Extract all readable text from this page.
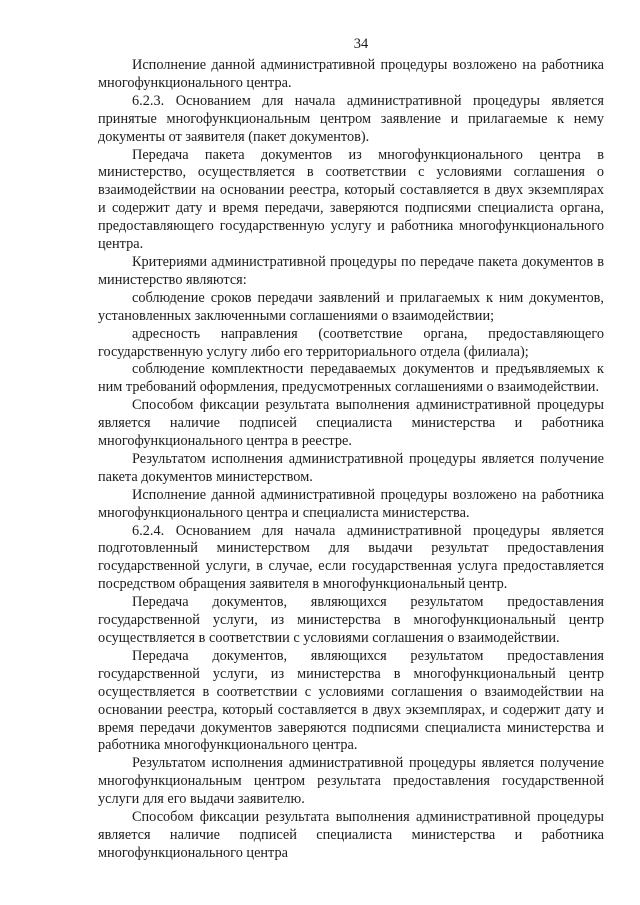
34

Исполнение данной административной процедуры возложено на работника многофункционального центра.

6.2.3. Основанием для начала административной процедуры является принятые многофункциональным центром заявление и прилагаемые к нему документы от заявителя (пакет документов).

Передача пакета документов из многофункционального центра в министерство, осуществляется в соответствии с условиями соглашения о взаимодействии на основании реестра, который составляется в двух экземплярах и содержит дату и время передачи, заверяются подписями специалиста органа, предоставляющего государственную услугу и работника многофункционального центра.

Критериями административной процедуры по передаче пакета документов в министерство являются:

соблюдение сроков передачи заявлений и прилагаемых к ним документов, установленных заключенными соглашениями о взаимодействии;

адресность направления (соответствие органа, предоставляющего государственную услугу либо его территориального отдела (филиала);

соблюдение комплектности передаваемых документов и предъявляемых к ним требований оформления, предусмотренных соглашениями о взаимодействии.

Способом фиксации результата выполнения административной процедуры является наличие подписей специалиста министерства и работника многофункционального центра в реестре.

Результатом исполнения административной процедуры является получение пакета документов министерством.

Исполнение данной административной процедуры возложено на работника многофункционального центра и специалиста министерства.

6.2.4. Основанием для начала административной процедуры является подготовленный министерством для выдачи результат предоставления государственной услуги, в случае, если государственная услуга предоставляется посредством обращения заявителя в многофункциональный центр.

Передача документов, являющихся результатом предоставления государственной услуги, из министерства в многофункциональный центр осуществляется в соответствии с условиями соглашения о взаимодействии.

Передача документов, являющихся результатом предоставления государственной услуги, из министерства в многофункциональный центр осуществляется в соответствии с условиями соглашения о взаимодействии на основании реестра, который составляется в двух экземплярах, и содержит дату и время передачи документов заверяются подписями специалиста министерства и работника многофункционального центра.

Результатом исполнения административной процедуры является получение многофункциональным центром результата предоставления государственной услуги для его выдачи заявителю.

Способом фиксации результата выполнения административной процедуры является наличие подписей специалиста министерства и работника многофункционального центра
